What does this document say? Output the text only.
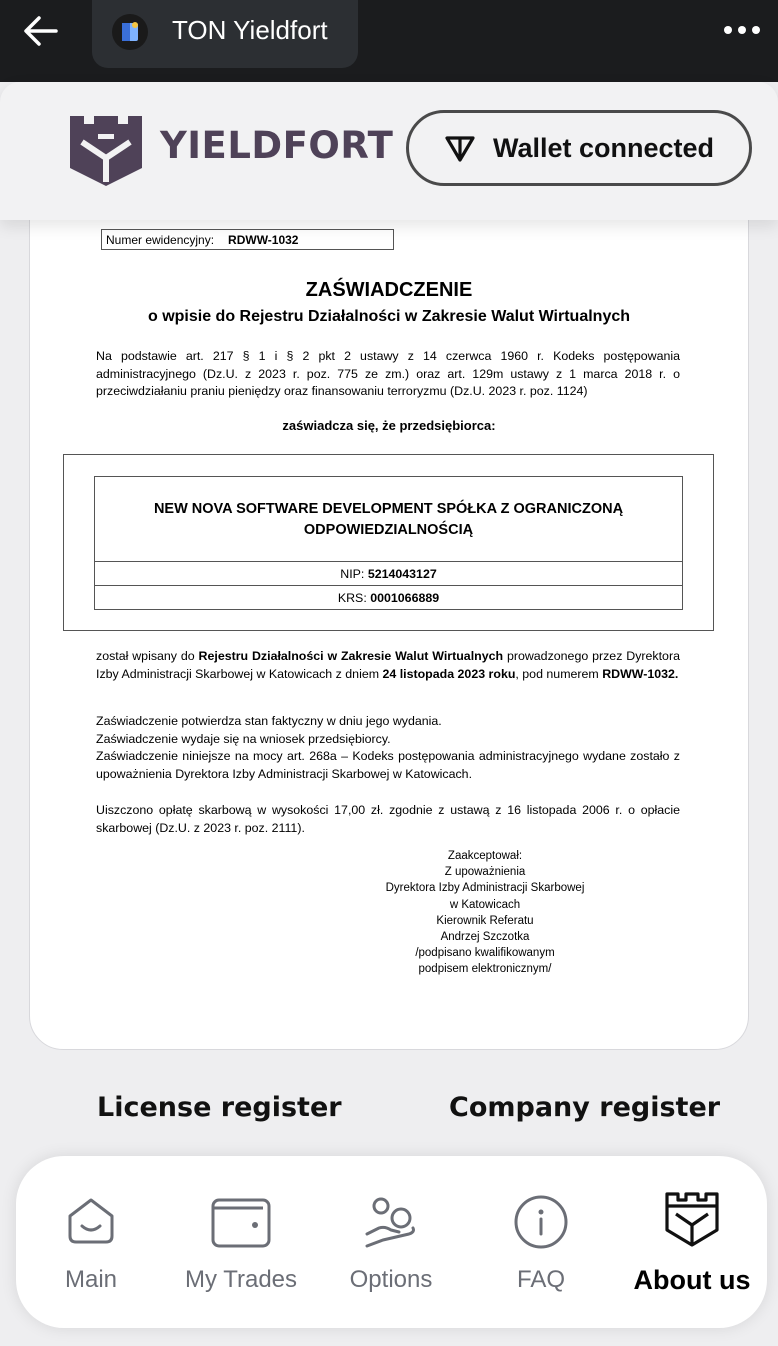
TON Yieldfort
YIELDFORT	Wallet connected
Numer ewidencyjny: RDWW-1032
ZAŚWIADCZENIE
o wpisie do Rejestru Działalności w Zakresie Walut Wirtualnych
Na podstawie art. 217 § 1 i § 2 pkt 2 ustawy z 14 czerwca 1960 r. Kodeks postępowania administracyjnego (Dz.U. z 2023 r. poz. 775 ze zm.) oraz art. 129m ustawy z 1 marca 2018 r. o przeciwdziałaniu praniu pieniędzy oraz finansowaniu terroryzmu (Dz.U. 2023 r. poz. 1124)
zaświadcza się, że przedsiębiorca:
NEW NOVA SOFTWARE DEVELOPMENT SPÓŁKA Z OGRANICZONĄ ODPOWIEDZIALNOŚCIĄ
NIP: 5214043127
KRS: 0001066889
został wpisany do Rejestru Działalności w Zakresie Walut Wirtualnych prowadzonego przez Dyrektora Izby Administracji Skarbowej w Katowicach z dniem 24 listopada 2023 roku, pod numerem RDWW-1032.
Zaświadczenie potwierdza stan faktyczny w dniu jego wydania.
Zaświadczenie wydaje się na wniosek przedsiębiorcy.
Zaświadczenie niniejsze na mocy art. 268a – Kodeks postępowania administracyjnego wydane zostało z upoważnienia Dyrektora Izby Administracji Skarbowej w Katowicach.
Uiszczono opłatę skarbową w wysokości 17,00 zł. zgodnie z ustawą z 16 listopada 2006 r. o opłacie skarbowej (Dz.U. z 2023 r. poz. 2111).
Zaakceptował:
Z upoważnienia
Dyrektora Izby Administracji Skarbowej
w Katowicach
Kierownik Referatu
Andrzej Szczotka
/podpisano kwalifikowanym
podpisem elektronicznym/
License register	Company register
Main	My Trades	Options	FAQ	About us
